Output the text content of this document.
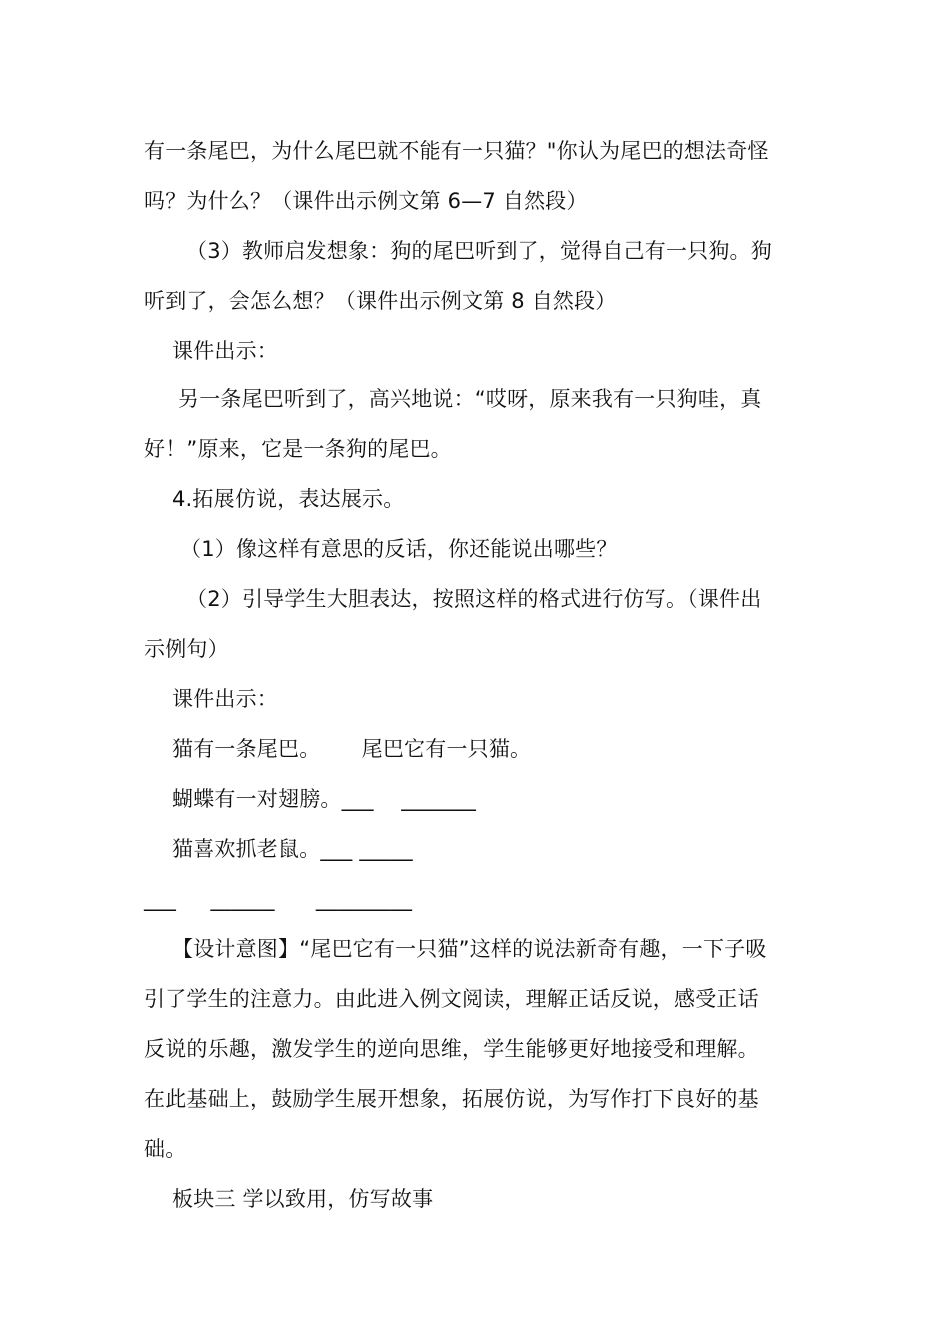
有一条尾巴，为什么尾巴就不能有一只猫？"你认为尾巴的想法奇怪
吗？为什么？（课件出示例文第 6—7 自然段）
（3）教师启发想象：狗的尾巴听到了，觉得自己有一只狗。狗
听到了，会怎么想？（课件出示例文第 8 自然段）
课件出示：
另一条尾巴听到了，高兴地说：“哎呀，原来我有一只狗哇，真
好！”原来，它是一条狗的尾巴。
4.拓展仿说，表达展示。
（1）像这样有意思的反话，你还能说出哪些？
（2）引导学生大胆表达，按照这样的格式进行仿写。（课件出
示例句）
课件出示：
猫有一条尾巴。      尾巴它有一只猫。
蝴蝶有一对翅膀。___    _______
猫喜欢抓老鼠。___ _____
___     ______      _________
【设计意图】“尾巴它有一只猫”这样的说法新奇有趣，一下子吸
引了学生的注意力。由此进入例文阅读，理解正话反说，感受正话
反说的乐趣，激发学生的逆向思维，学生能够更好地接受和理解。
在此基础上，鼓励学生展开想象，拓展仿说，为写作打下良好的基
础。
板块三 学以致用，仿写故事
